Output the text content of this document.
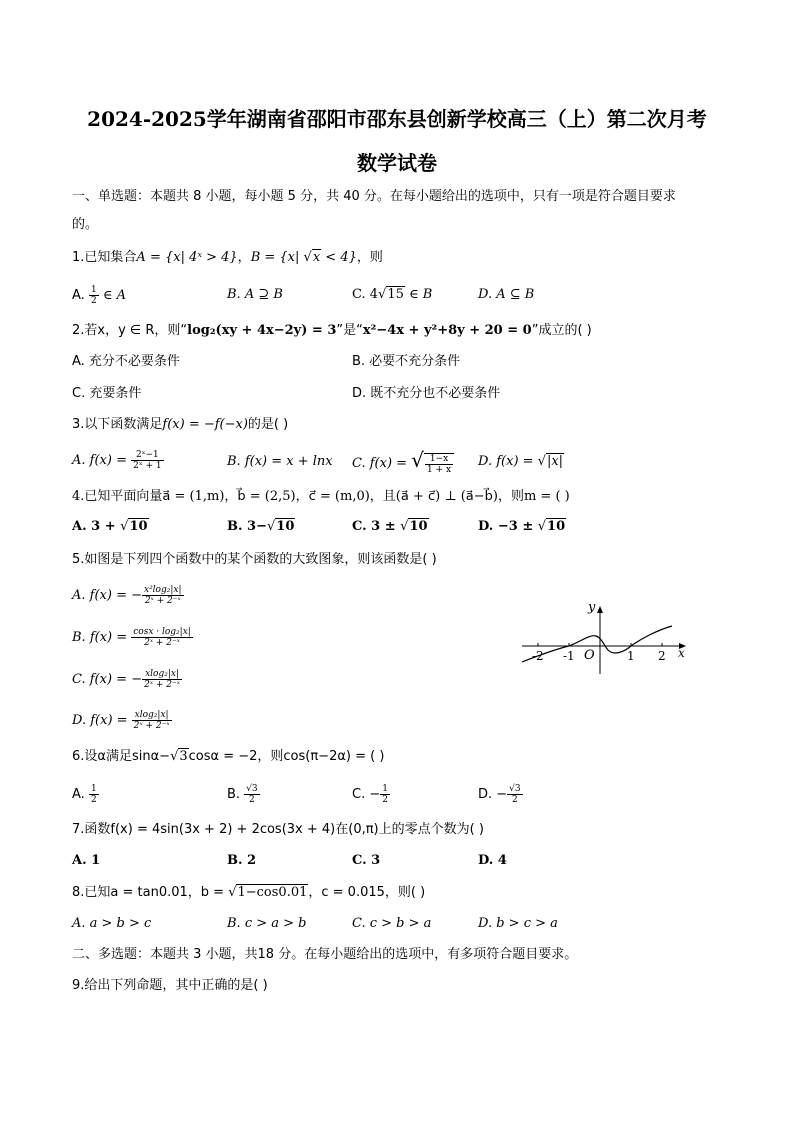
2024-2025学年湖南省邵阳市邵东县创新学校高三（上）第二次月考
数学试卷
一、单选题：本题共 8 小题，每小题 5 分，共 40 分。在每小题给出的选项中，只有一项是符合题目要求
的。
1.已知集合A = {x| 4ˣ > 4}，B = {x| √x < 4}，则
A. $\frac{1}{2}$ ∈ A	B. A ⊇ B	C. 4√15 ∈ B	D. A ⊆ B
2.若x，y ∈ R，则“log₂(xy + 4x−2y) = 3”是“x²−4x + y²+8y + 20 = 0”成立的( )
A. 充分不必要条件	B. 必要不充分条件
C. 充要条件	D. 既不充分也不必要条件
3.以下函数满足f(x) = −f(−x)的是( )
A. $f(x) = \frac{\text{2ˣ−1}}{\text{2ˣ + 1}}$	B. f(x) = x + lnx C. f(x) = √ $\frac{1-x}{1 + x} D$. f(x) = √|x|
4.已知平面向量a⃗ = (1,m)，b⃗ = (2,5)，c⃗ = (m,0)，且(a⃗ + c⃗) ⊥ (a⃗−b⃗)，则m = ( )
A. 3 + √10	B. 3−√10	C. 3 ± √10	D. −3 ± √10
5.如图是下列四个函数中的某个函数的大致图象，则该函数是( )
A. f(x) = − $\frac{\text{x²log₂|x|}}{\text{2ˣ + 2⁻ˣ}}$
B. $f(x) = \frac{\text{cosx · log₂|x|}}{\text{2ˣ + 2⁻ˣ}}$
C. f(x) = − $\frac{\text{xlog₂|x|}}{\text{2ˣ + 2⁻ˣ}}$
D. $f(x) = \frac{\text{xlog₂|x|}}{\text{2ˣ + 2⁻ˣ}}$
y
x
O
-2 -1	1 2
6.设α满足sinα−√3cosα = −2，则cos(π−2α) = ( )
A. $\frac{1}{2}$	B. $\frac{√3}{2}$	C. − $\frac{1}{2}$	D. − $\frac{√3}{2}$
7.函数f(x) = 4sin(3x + 2) + 2cos(3x + 4)在(0,π)上的零点个数为( )
A. 1	B. 2	C. 3	D. 4
8.已知a = tan0.01，b = √1−cos0.01，c = 0.015，则( )
A. a > b > c	B. c > a > b	C. c > b > a	D. b > c > a
二、多选题：本题共 3 小题，共18 分。在每小题给出的选项中，有多项符合题目要求。
9.给出下列命题，其中正确的是( )
